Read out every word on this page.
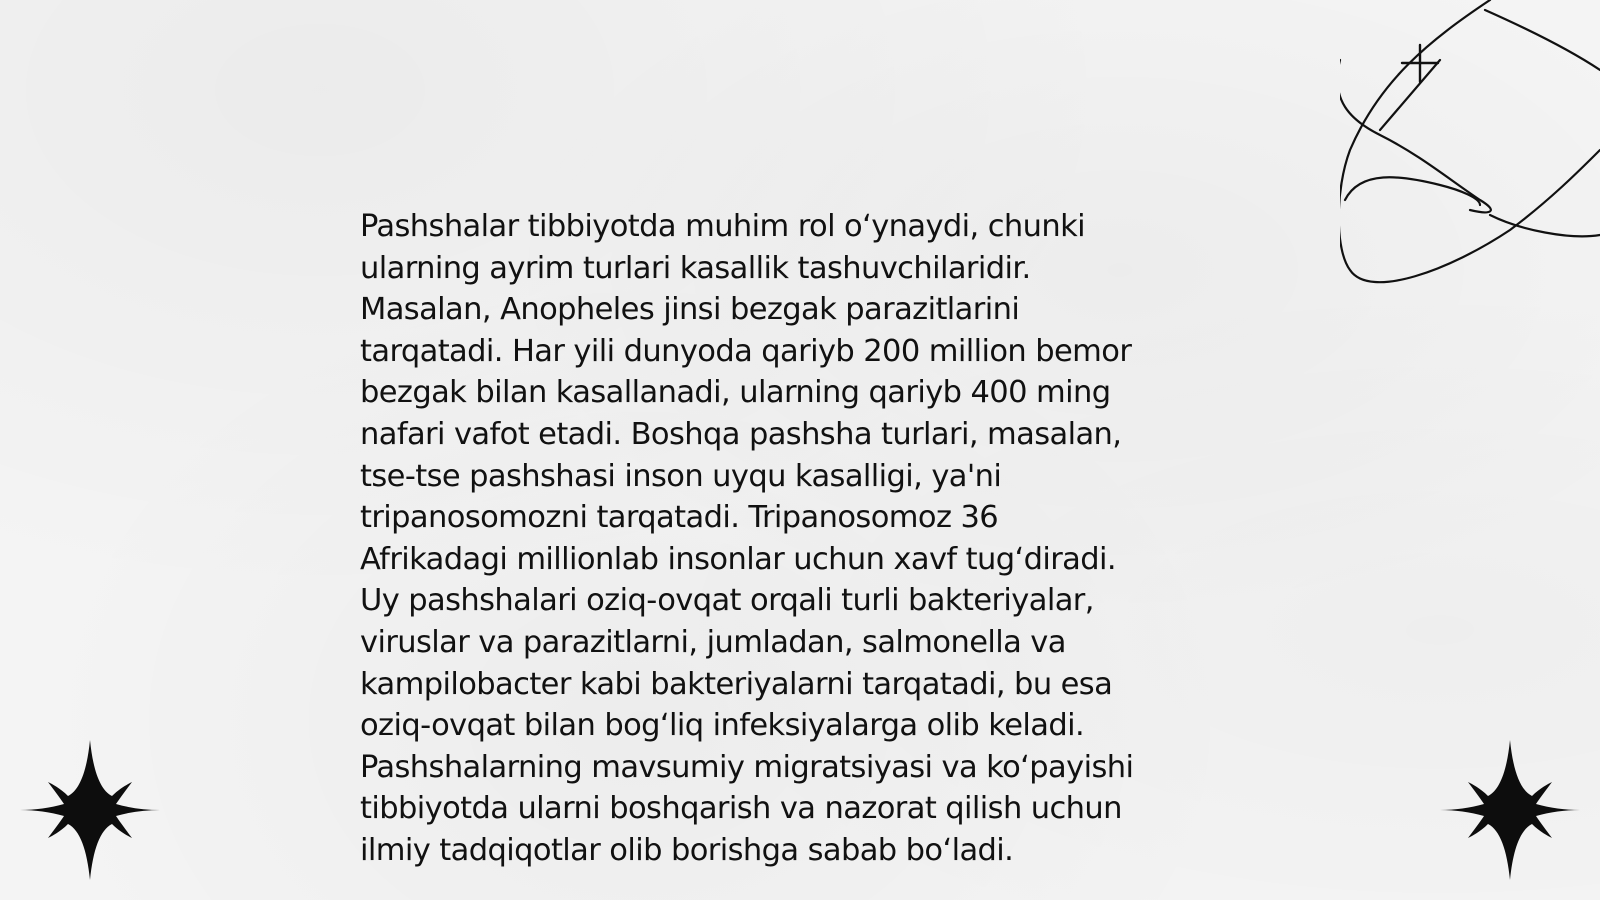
Pashshalar tibbiyotda muhim rol o‘ynaydi, chunki
ularning ayrim turlari kasallik tashuvchilaridir.
Masalan, Anopheles jinsi bezgak parazitlarini
tarqatadi. Har yili dunyoda qariyb 200 million bemor
bezgak bilan kasallanadi, ularning qariyb 400 ming
nafari vafot etadi. Boshqa pashsha turlari, masalan,
tse-tse pashshasi inson uyqu kasalligi, ya'ni
tripanosomozni tarqatadi. Tripanosomoz 36
Afrikadagi millionlab insonlar uchun xavf tug‘diradi.
Uy pashshalari oziq-ovqat orqali turli bakteriyalar,
viruslar va parazitlarni, jumladan, salmonella va
kampilobacter kabi bakteriyalarni tarqatadi, bu esa
oziq-ovqat bilan bog‘liq infeksiyalarga olib keladi.
Pashshalarning mavsumiy migratsiyasi va ko‘payishi
tibbiyotda ularni boshqarish va nazorat qilish uchun
ilmiy tadqiqotlar olib borishga sabab bo‘ladi.
